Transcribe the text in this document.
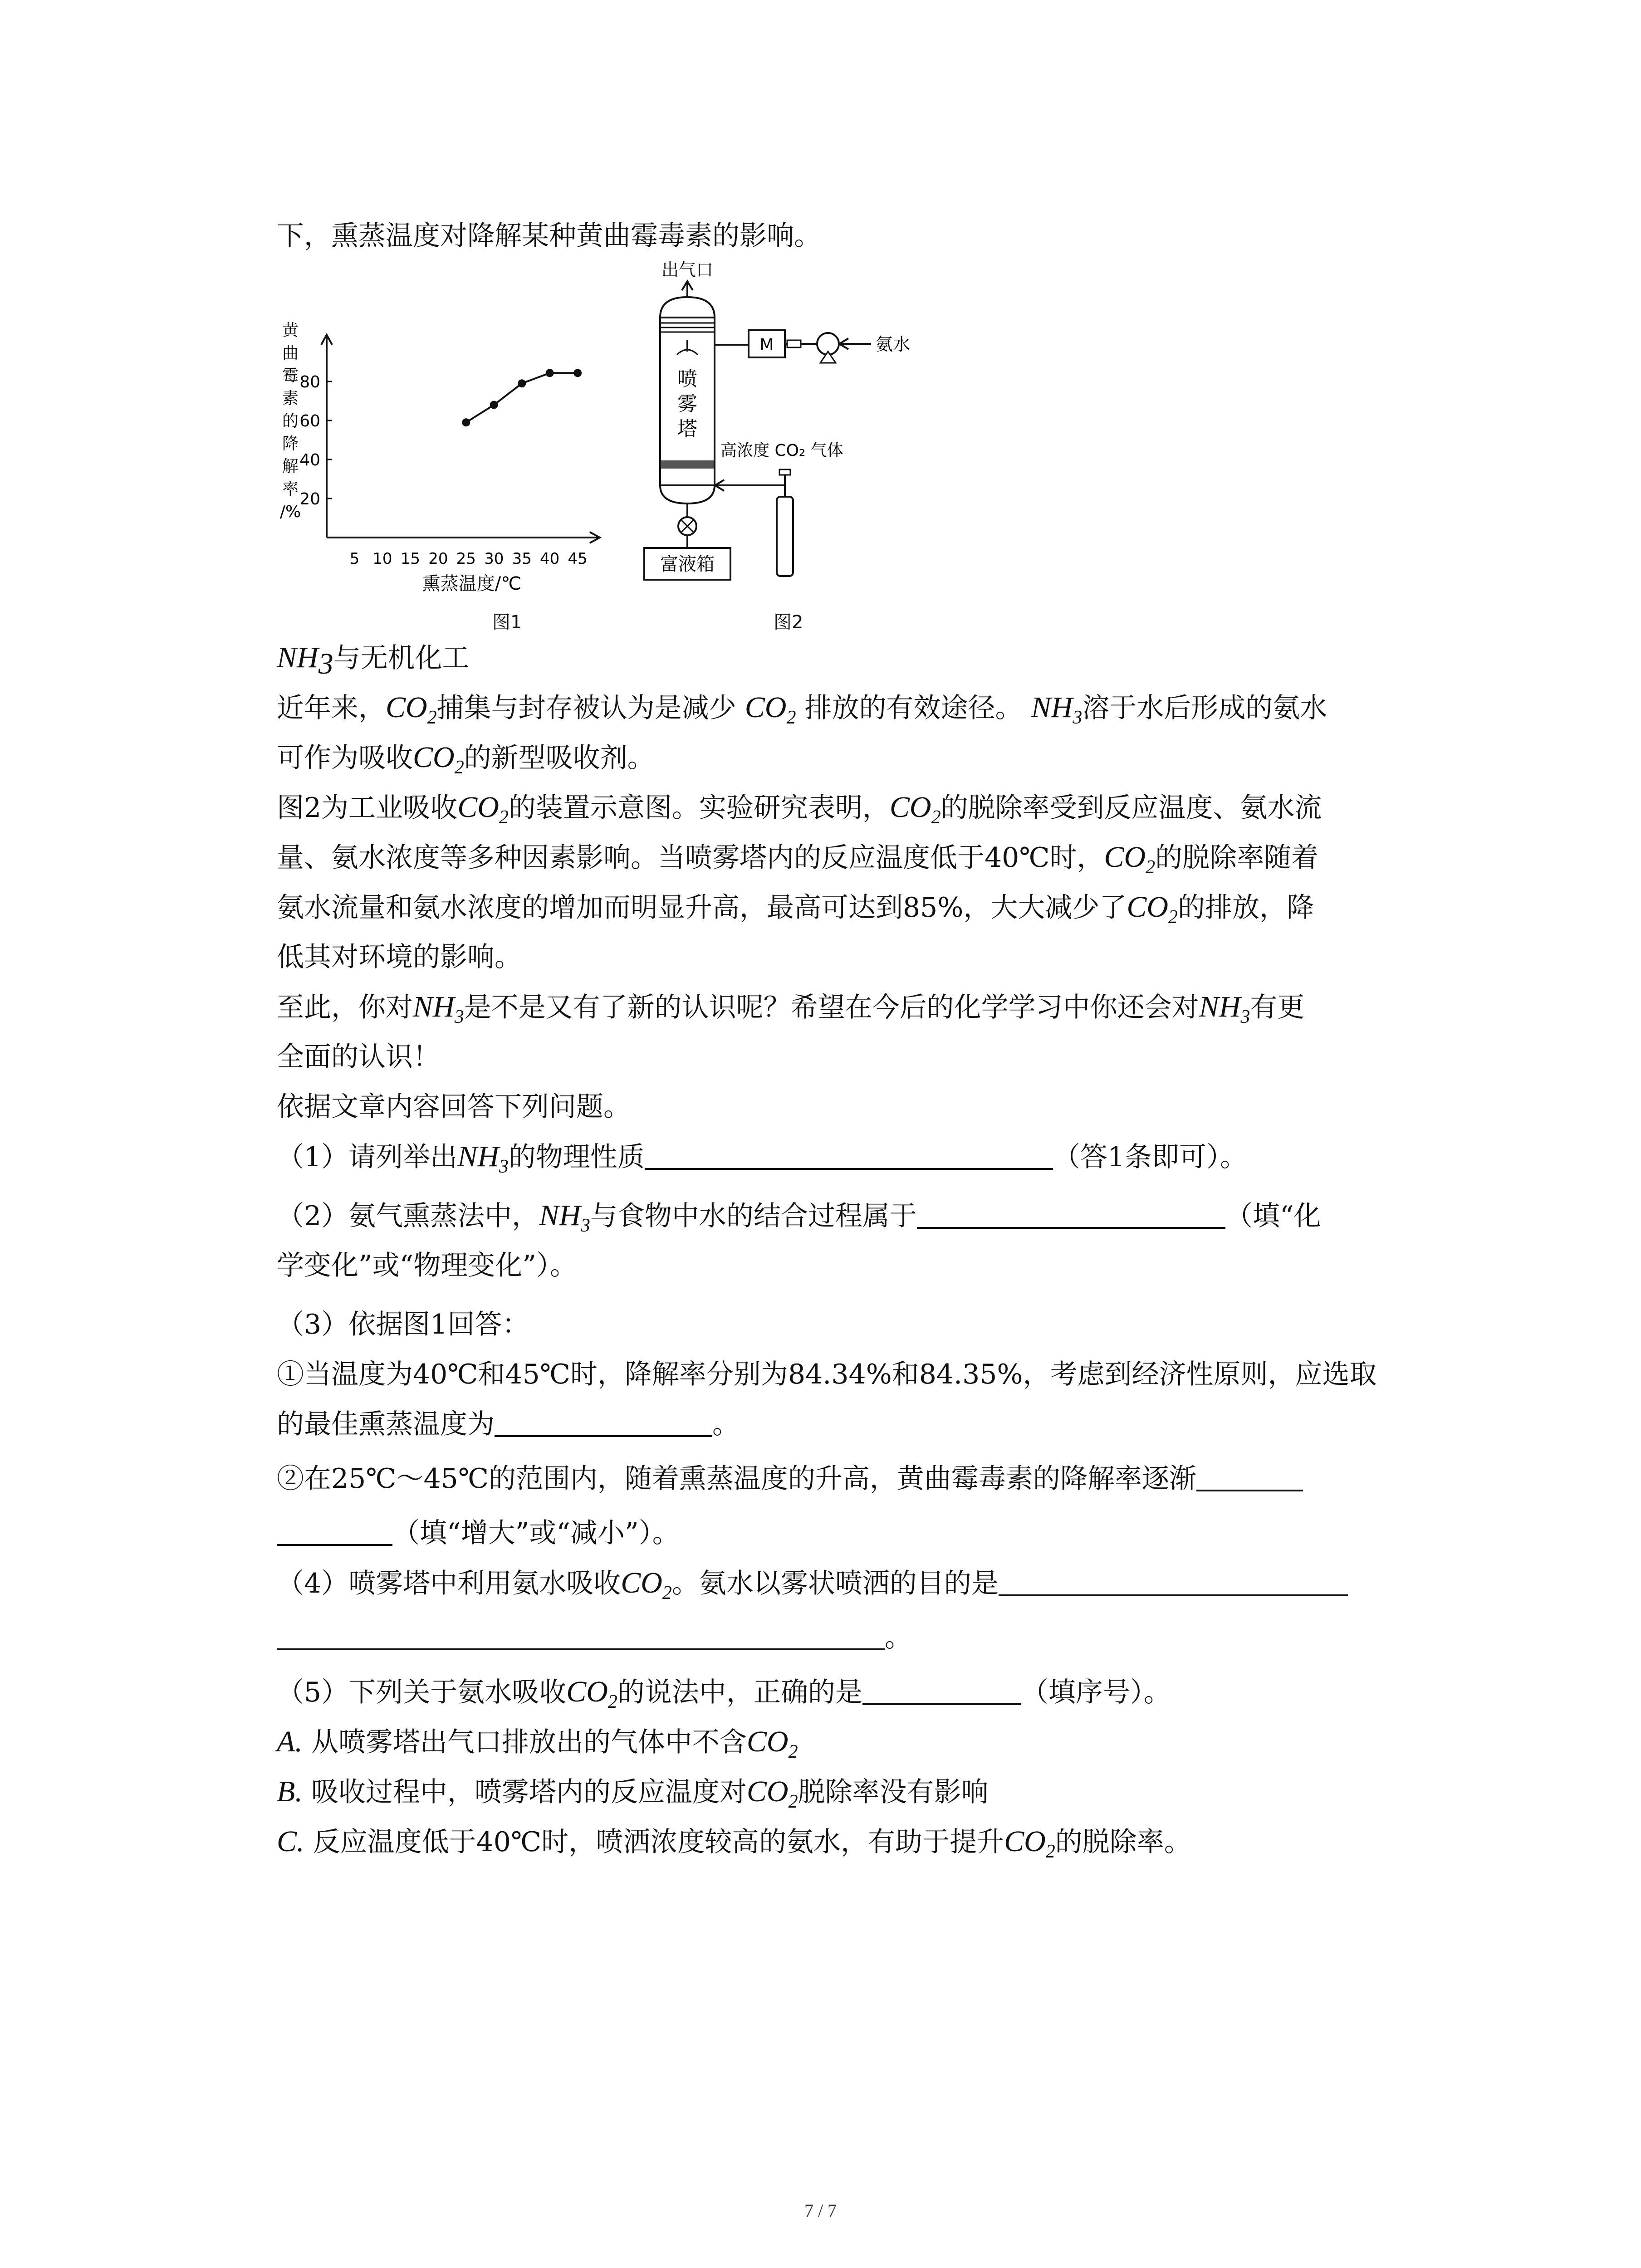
下，熏蒸温度对降解某种黄曲霉毒素的影响。
黄
曲
霉
素
的
降
解
率
/%
20
40
60
80
5 10 15 20 25 30 35 40 45
熏蒸温度/℃
出气口
喷
雾
塔
富液箱
M	氨水
高浓度 CO₂ 气体
图1	图2
$NH_3$与无机化工
近年来，$CO_2$捕集与封存被认为是减少 $CO_2$ 排放的有效途径。 $NH_3$溶于水后形成的氨水
可作为吸收$CO_2$的新型吸收剂。
图2为工业吸收$CO_2$的装置示意图。实验研究表明，$CO_2$的脱除率受到反应温度、氨水流
量、氨水浓度等多种因素影响。当喷雾塔内的反应温度低于40℃时，$CO_2$的脱除率随着
氨水流量和氨水浓度的增加而明显升高，最高可达到85%，大大减少了$CO_2$的排放，降
低其对环境的影响。
至此，你对$NH_3$是不是又有了新的认识呢？希望在今后的化学学习中你还会对$NH_3$有更
全面的认识！
依据文章内容回答下列问题。
（1）请列举出$NH_3$的物理性质	（答1条即可）。
（2）氨气熏蒸法中，$NH_3$与食物中水的结合过程属于	（填“化
学变化”或“物理变化”）。
（3）依据图1回答：
①当温度为40℃和45℃时，降解率分别为84.34%和84.35%，考虑到经济性原则，应选取
的最佳熏蒸温度为	。
②在25℃～45℃的范围内，随着熏蒸温度的升高，黄曲霉毒素的降解率逐渐
（填“增大”或“减小”）。
（4）喷雾塔中利用氨水吸收$CO_2$。氨水以雾状喷洒的目的是
。
（5）下列关于氨水吸收$CO_2$的说法中，正确的是	（填序号）。
A. 从喷雾塔出气口排放出的气体中不含$CO_2$
B. 吸收过程中，喷雾塔内的反应温度对$CO_2$脱除率没有影响
C. 反应温度低于40℃时，喷洒浓度较高的氨水，有助于提升$CO_2$的脱除率。
7 / 7
